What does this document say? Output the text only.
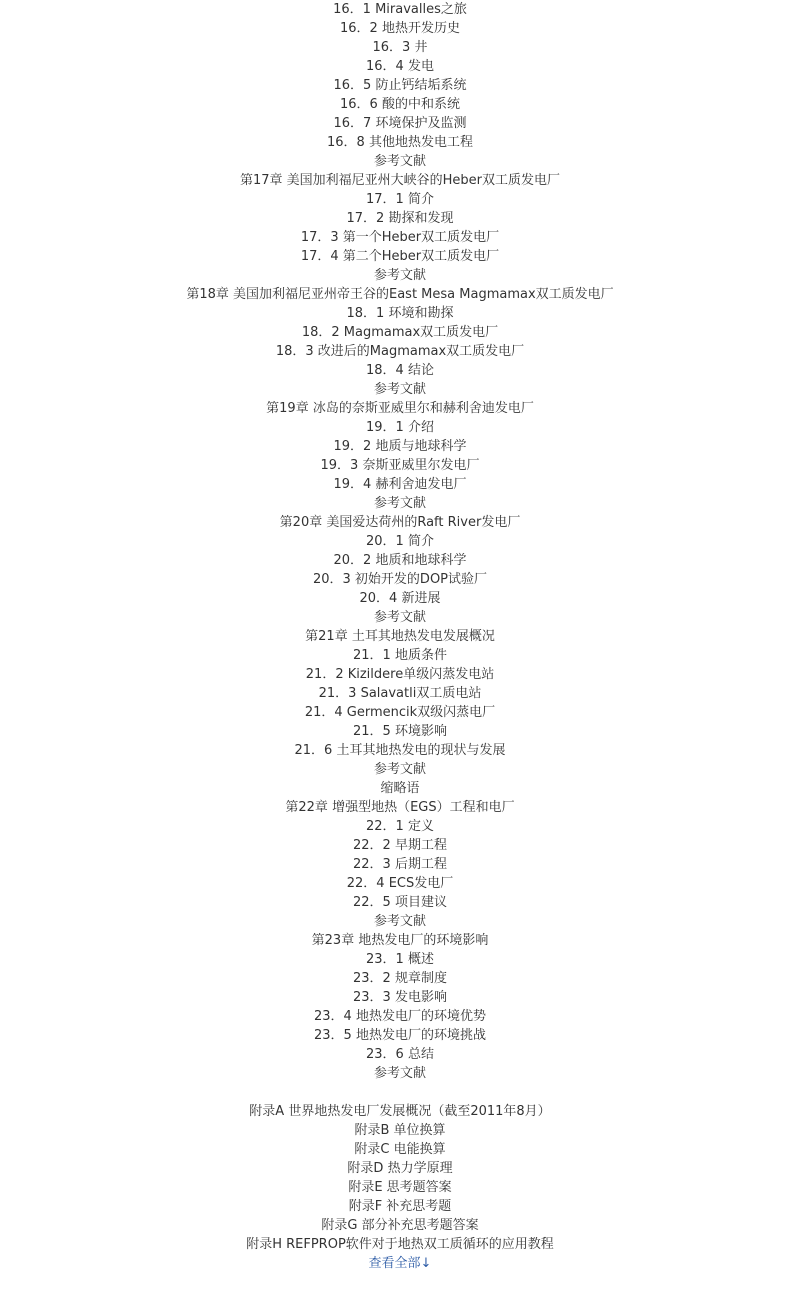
16．1 Miravalles之旅
16．2 地热开发历史
16．3 井
16．4 发电
16．5 防止钙结垢系统
16．6 酸的中和系统
16．7 环境保护及监测
16．8 其他地热发电工程
参考文献
第17章 美国加利福尼亚州大峡谷的Heber双工质发电厂
17．1 简介
17．2 勘探和发现
17．3 第一个Heber双工质发电厂
17．4 第二个Heber双工质发电厂
参考文献
第18章 美国加利福尼亚州帝王谷的East Mesa Magmamax双工质发电厂
18．1 环境和勘探
18．2 Magmamax双工质发电厂
18．3 改进后的Magmamax双工质发电厂
18．4 结论
参考文献
第19章 冰岛的奈斯亚威里尔和赫利舍迪发电厂
19．1 介绍
19．2 地质与地球科学
19．3 奈斯亚威里尔发电厂
19．4 赫利舍迪发电厂
参考文献
第20章 美国爱达荷州的Raft River发电厂
20．1 简介
20．2 地质和地球科学
20．3 初始开发的DOP试验厂
20．4 新进展
参考文献
第21章 土耳其地热发电发展概况
21．1 地质条件
21．2 Kizildere单级闪蒸发电站
21．3 Salavatli双工质电站
21．4 Germencik双级闪蒸电厂
21．5 环境影响
21．6 土耳其地热发电的现状与发展
参考文献
缩略语
第22章 增强型地热（EGS）工程和电厂
22．1 定义
22．2 早期工程
22．3 后期工程
22．4 ECS发电厂
22．5 项目建议
参考文献
第23章 地热发电厂的环境影响
23．1 概述
23．2 规章制度
23．3 发电影响
23．4 地热发电厂的环境优势
23．5 地热发电厂的环境挑战
23．6 总结
参考文献
附录A 世界地热发电厂发展概况（截至2011年8月）
附录B 单位换算
附录C 电能换算
附录D 热力学原理
附录E 思考题答案
附录F 补充思考题
附录G 部分补充思考题答案
附录H REFPROP软件对于地热双工质循环的应用教程
查看全部↓
